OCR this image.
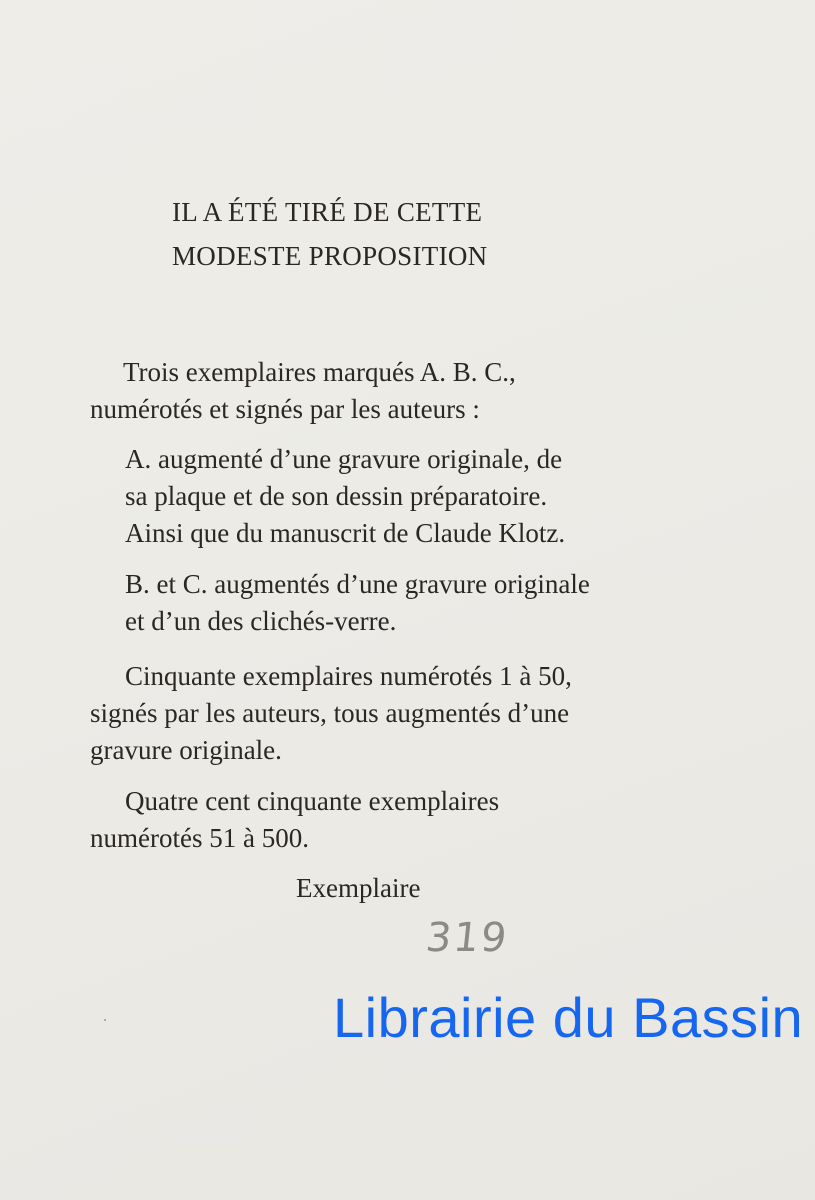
IL A ÉTÉ TIRÉ DE CETTE
MODESTE PROPOSITION
Trois exemplaires marqués A. B. C.,
numérotés et signés par les auteurs :
A. augmenté d’une gravure originale, de
sa plaque et de son dessin préparatoire.
Ainsi que du manuscrit de Claude Klotz.
B. et C. augmentés d’une gravure originale
et d’un des clichés-verre.
Cinquante exemplaires numérotés 1 à 50,
signés par les auteurs, tous augmentés d’une
gravure originale.
Quatre cent cinquante exemplaires
numérotés 51 à 500.
Exemplaire
319
Librairie du Bassin
